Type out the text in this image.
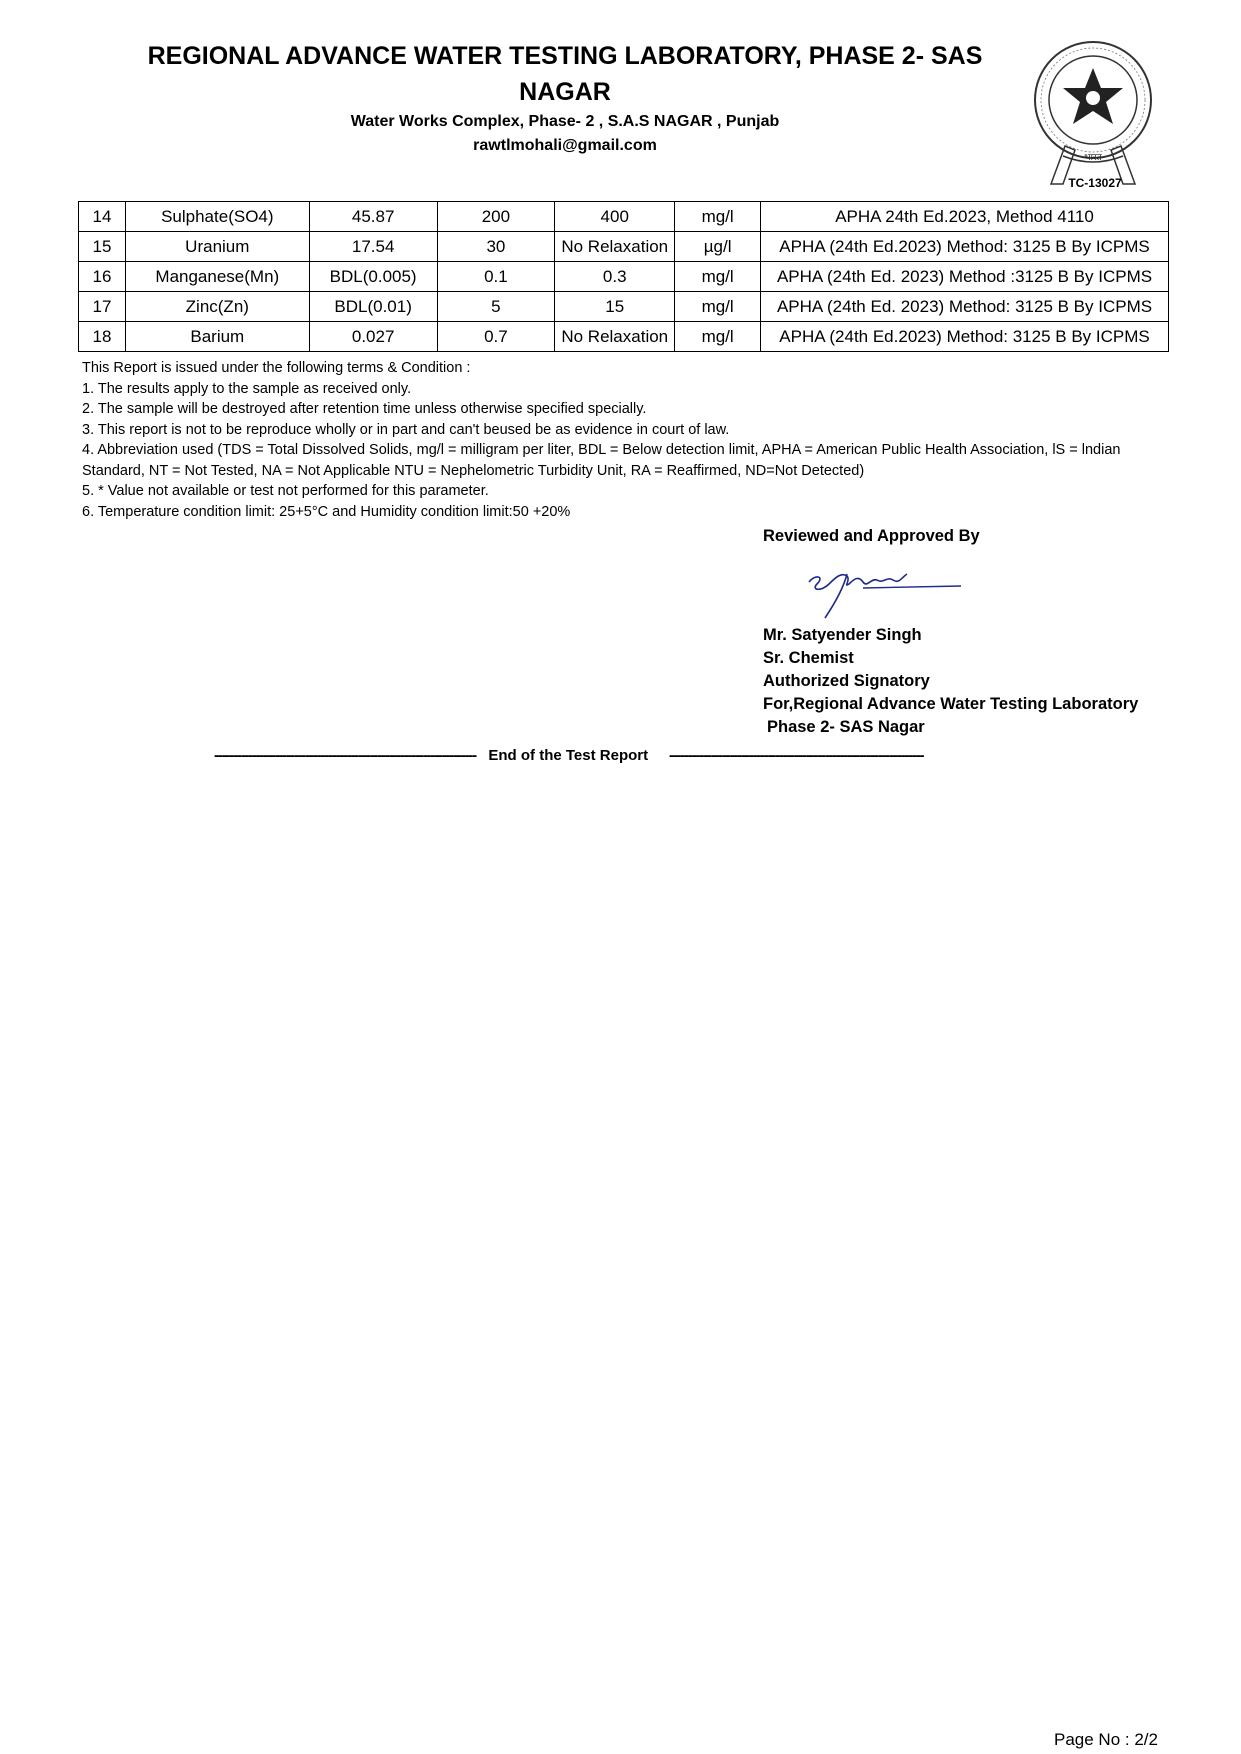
REGIONAL ADVANCE WATER TESTING LABORATORY, PHASE 2- SAS NAGAR
Water Works Complex, Phase- 2 , S.A.S NAGAR , Punjab
rawtlmohali@gmail.com
भारत
TC-13027
14	Sulphate(SO4)	45.87	200	400	mg/l	APHA 24th Ed.2023, Method 4110
15	Uranium	17.54	30	No Relaxation	µg/l	APHA (24th Ed.2023) Method: 3125 B By ICPMS
16	Manganese(Mn)	BDL(0.005)	0.1	0.3	mg/l	APHA (24th Ed. 2023) Method :3125 B By ICPMS
17	Zinc(Zn)	BDL(0.01)	5	15	mg/l	APHA (24th Ed. 2023) Method: 3125 B By ICPMS
18	Barium	0.027	0.7	No Relaxation	mg/l	APHA (24th Ed.2023) Method: 3125 B By ICPMS
This Report is issued under the following terms & Condition :
1. The results apply to the sample as received only.
2. The sample will be destroyed after retention time unless otherwise specified specially.
3. This report is not to be reproduce wholly or in part and can't beused be as evidence in court of law.
4. Abbreviation used (TDS = Total Dissolved Solids, mg/l = milligram per liter, BDL = Below detection limit, APHA = American Public Health Association, lS = lndian Standard, NT = Not Tested, NA = Not Applicable NTU = Nephelometric Turbidity Unit, RA = Reaffirmed, ND=Not Detected)
5. * Value not available or test not performed for this parameter.
6. Temperature condition limit: 25+5°C and Humidity condition limit:50 +20%
Reviewed and Approved By
Mr. Satyender Singh
Sr. Chemist
Authorized Signatory
For,Regional Advance Water Testing Laboratory
Phase 2- SAS Nagar
--------------------------------------------------------------------- End of the Test Report -------------------------------------------------------------------
Page No : 2/2
